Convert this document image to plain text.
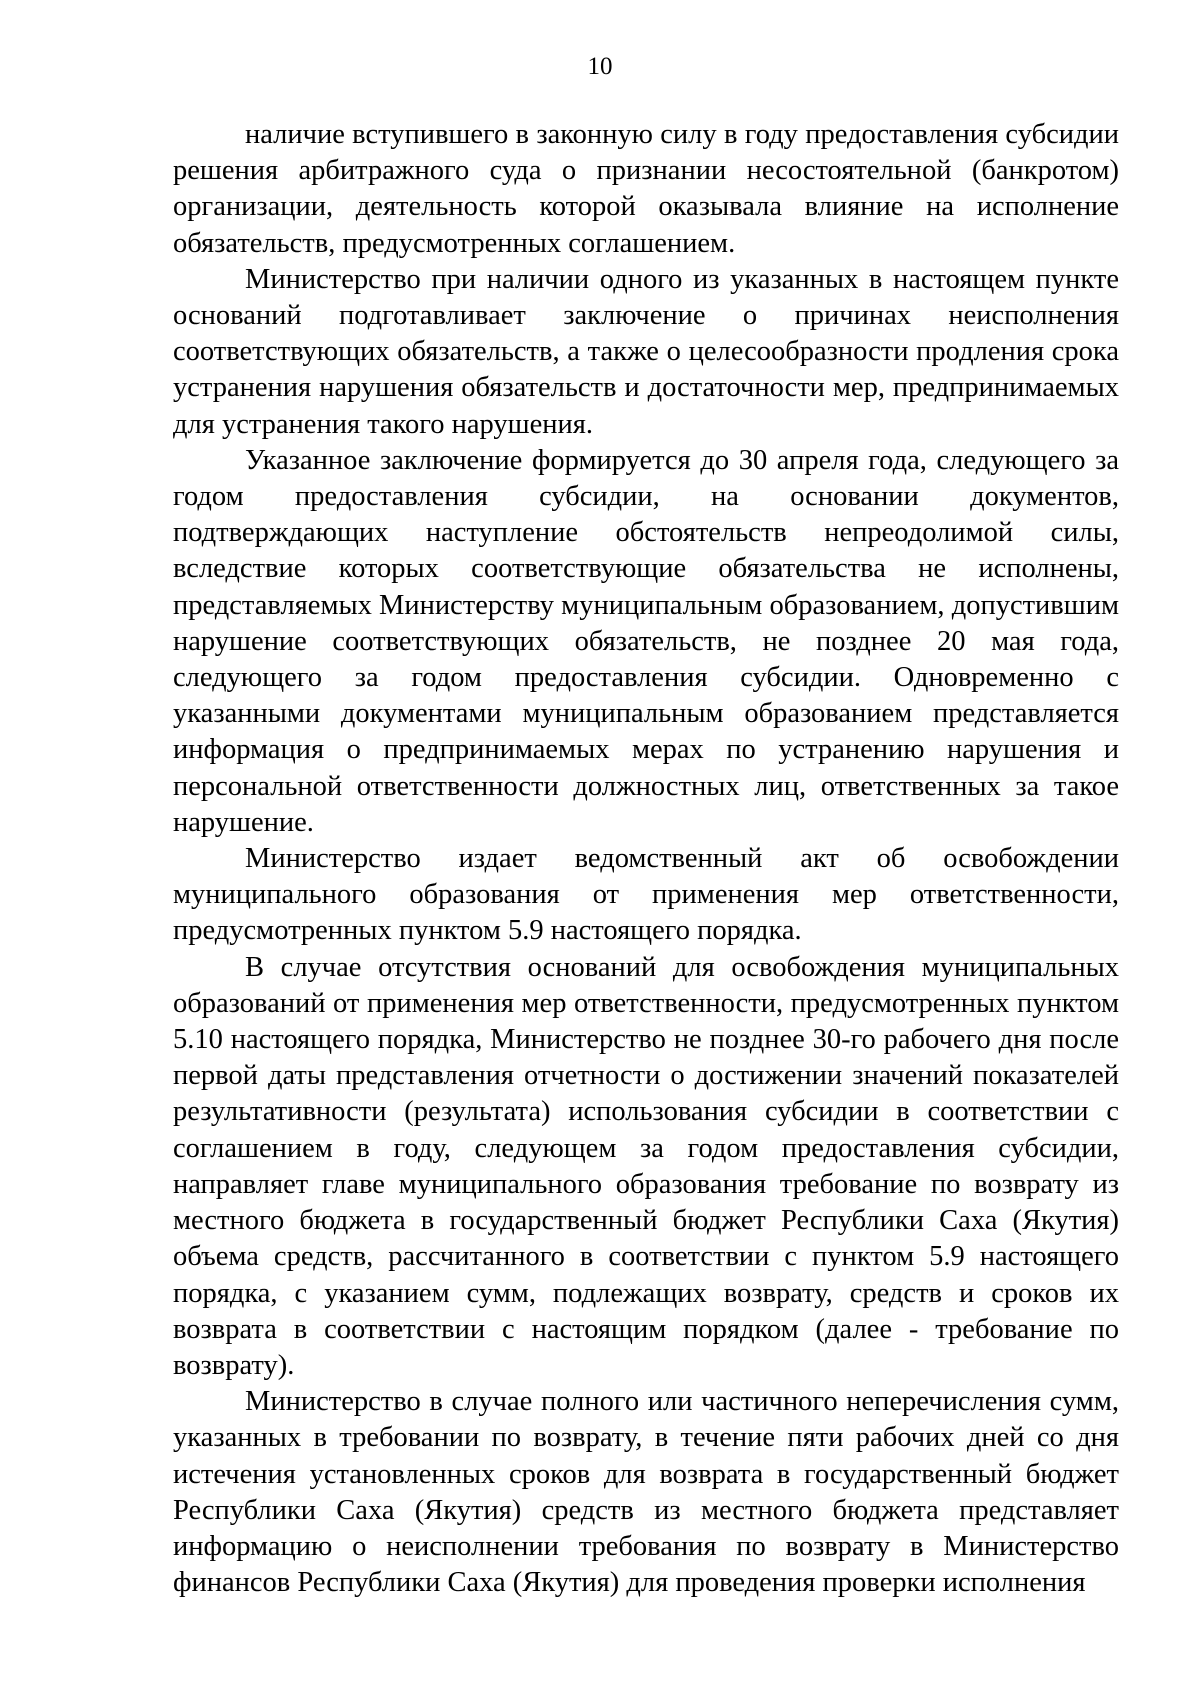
10

наличие вступившего в законную силу в году предоставления субсидии решения арбитражного суда о признании несостоятельной (банкротом) организации, деятельность которой оказывала влияние на исполнение обязательств, предусмотренных соглашением.

Министерство при наличии одного из указанных в настоящем пункте оснований подготавливает заключение о причинах неисполнения соответствующих обязательств, а также о целесообразности продления срока устранения нарушения обязательств и достаточности мер, предпринимаемых для устранения такого нарушения.

Указанное заключение формируется до 30 апреля года, следующего за годом предоставления субсидии, на основании документов, подтверждающих наступление обстоятельств непреодолимой силы, вследствие которых соответствующие обязательства не исполнены, представляемых Министерству муниципальным образованием, допустившим нарушение соответствующих обязательств, не позднее 20 мая года, следующего за годом предоставления субсидии. Одновременно с указанными документами муниципальным образованием представляется информация о предпринимаемых мерах по устранению нарушения и персональной ответственности должностных лиц, ответственных за такое нарушение.

Министерство издает ведомственный акт об освобождении муниципального образования от применения мер ответственности, предусмотренных пунктом 5.9 настоящего порядка.

В случае отсутствия оснований для освобождения муниципальных образований от применения мер ответственности, предусмотренных пунктом 5.10 настоящего порядка, Министерство не позднее 30-го рабочего дня после первой даты представления отчетности о достижении значений показателей результативности (результата) использования субсидии в соответствии с соглашением в году, следующем за годом предоставления субсидии, направляет главе муниципального образования требование по возврату из местного бюджета в государственный бюджет Республики Саха (Якутия) объема средств, рассчитанного в соответствии с пунктом 5.9 настоящего порядка, с указанием сумм, подлежащих возврату, средств и сроков их возврата в соответствии с настоящим порядком (далее - требование по возврату).

Министерство в случае полного или частичного неперечисления сумм, указанных в требовании по возврату, в течение пяти рабочих дней со дня истечения установленных сроков для возврата в государственный бюджет Республики Саха (Якутия) средств из местного бюджета представляет информацию о неисполнении требования по возврату в Министерство финансов Республики Саха (Якутия) для проведения проверки исполнения
